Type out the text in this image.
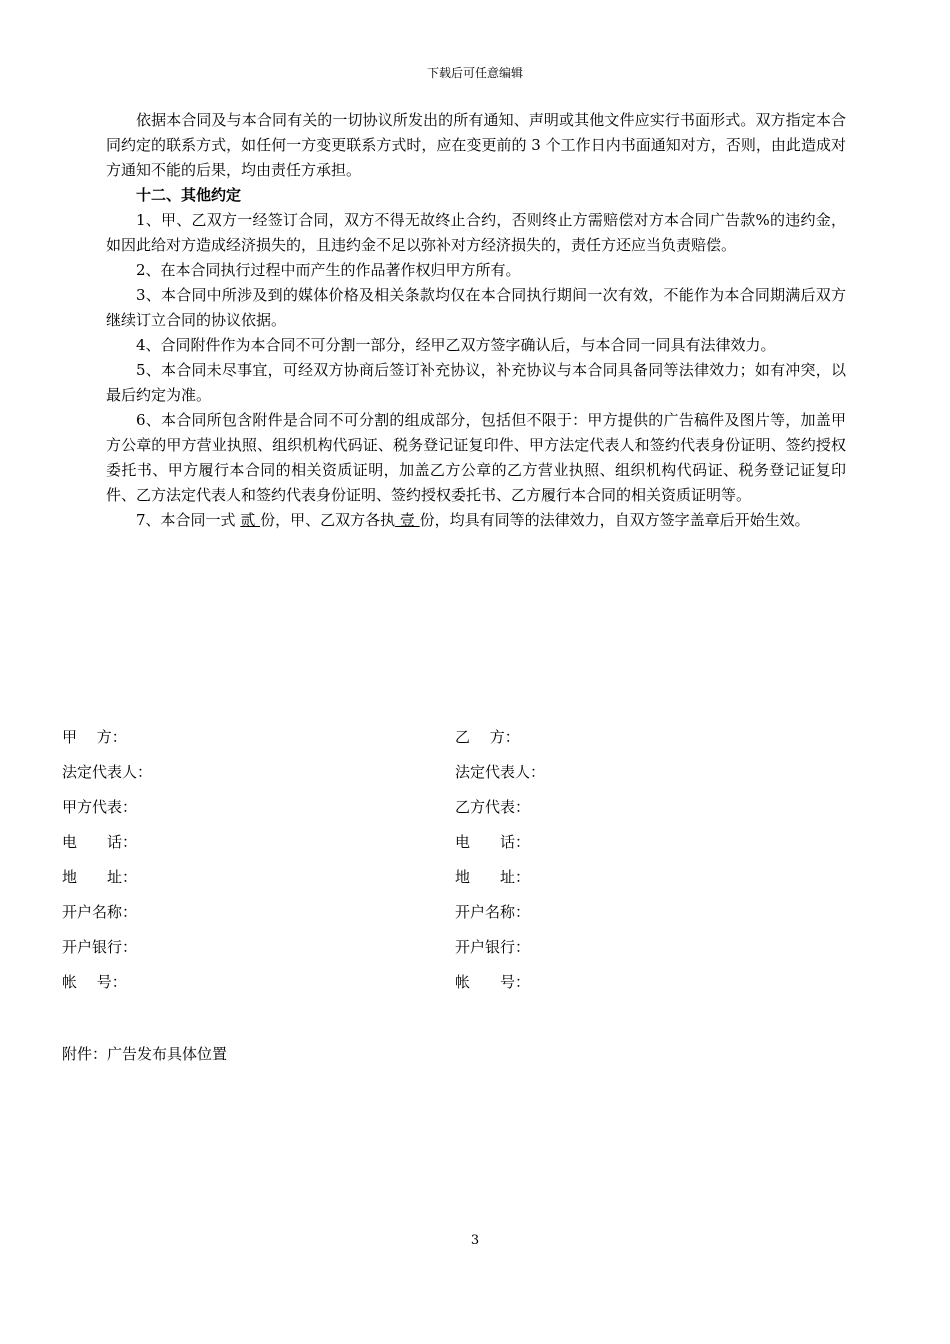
下载后可任意编辑

依据本合同及与本合同有关的一切协议所发出的所有通知、声明或其他文件应实行书面形式。双方指定本合同约定的联系方式，如任何一方变更联系方式时，应在变更前的 3 个工作日内书面通知对方，否则，由此造成对方通知不能的后果，均由责任方承担。

十二、其他约定

1、甲、乙双方一经签订合同，双方不得无故终止合约，否则终止方需赔偿对方本合同广告款%的违约金，如因此给对方造成经济损失的，且违约金不足以弥补对方经济损失的，责任方还应当负责赔偿。

2、在本合同执行过程中而产生的作品著作权归甲方所有。

3、本合同中所涉及到的媒体价格及相关条款均仅在本合同执行期间一次有效，不能作为本合同期满后双方继续订立合同的协议依据。

4、合同附件作为本合同不可分割一部分，经甲乙双方签字确认后，与本合同一同具有法律效力。

5、本合同未尽事宜，可经双方协商后签订补充协议，补充协议与本合同具备同等法律效力；如有冲突，以最后约定为准。

6、本合同所包含附件是合同不可分割的组成部分，包括但不限于：甲方提供的广告稿件及图片等，加盖甲方公章的甲方营业执照、组织机构代码证、税务登记证复印件、甲方法定代表人和签约代表身份证明、签约授权委托书、甲方履行本合同的相关资质证明，加盖乙方公章的乙方营业执照、组织机构代码证、税务登记证复印件、乙方法定代表人和签约代表身份证明、签约授权委托书、乙方履行本合同的相关资质证明等。

7、本合同一式 贰 份，甲、乙双方各执 壹 份，均具有同等的法律效力，自双方签字盖章后开始生效。

甲　 方：	乙　 方：
法定代表人：	法定代表人：
甲方代表：	乙方代表：
电　　话：	电　　话：
地　　址：	地　　址：
开户名称：	开户名称：
开户银行：	开户银行：
帐　 号：	帐　　号：
附件：广告发布具体位置
3
